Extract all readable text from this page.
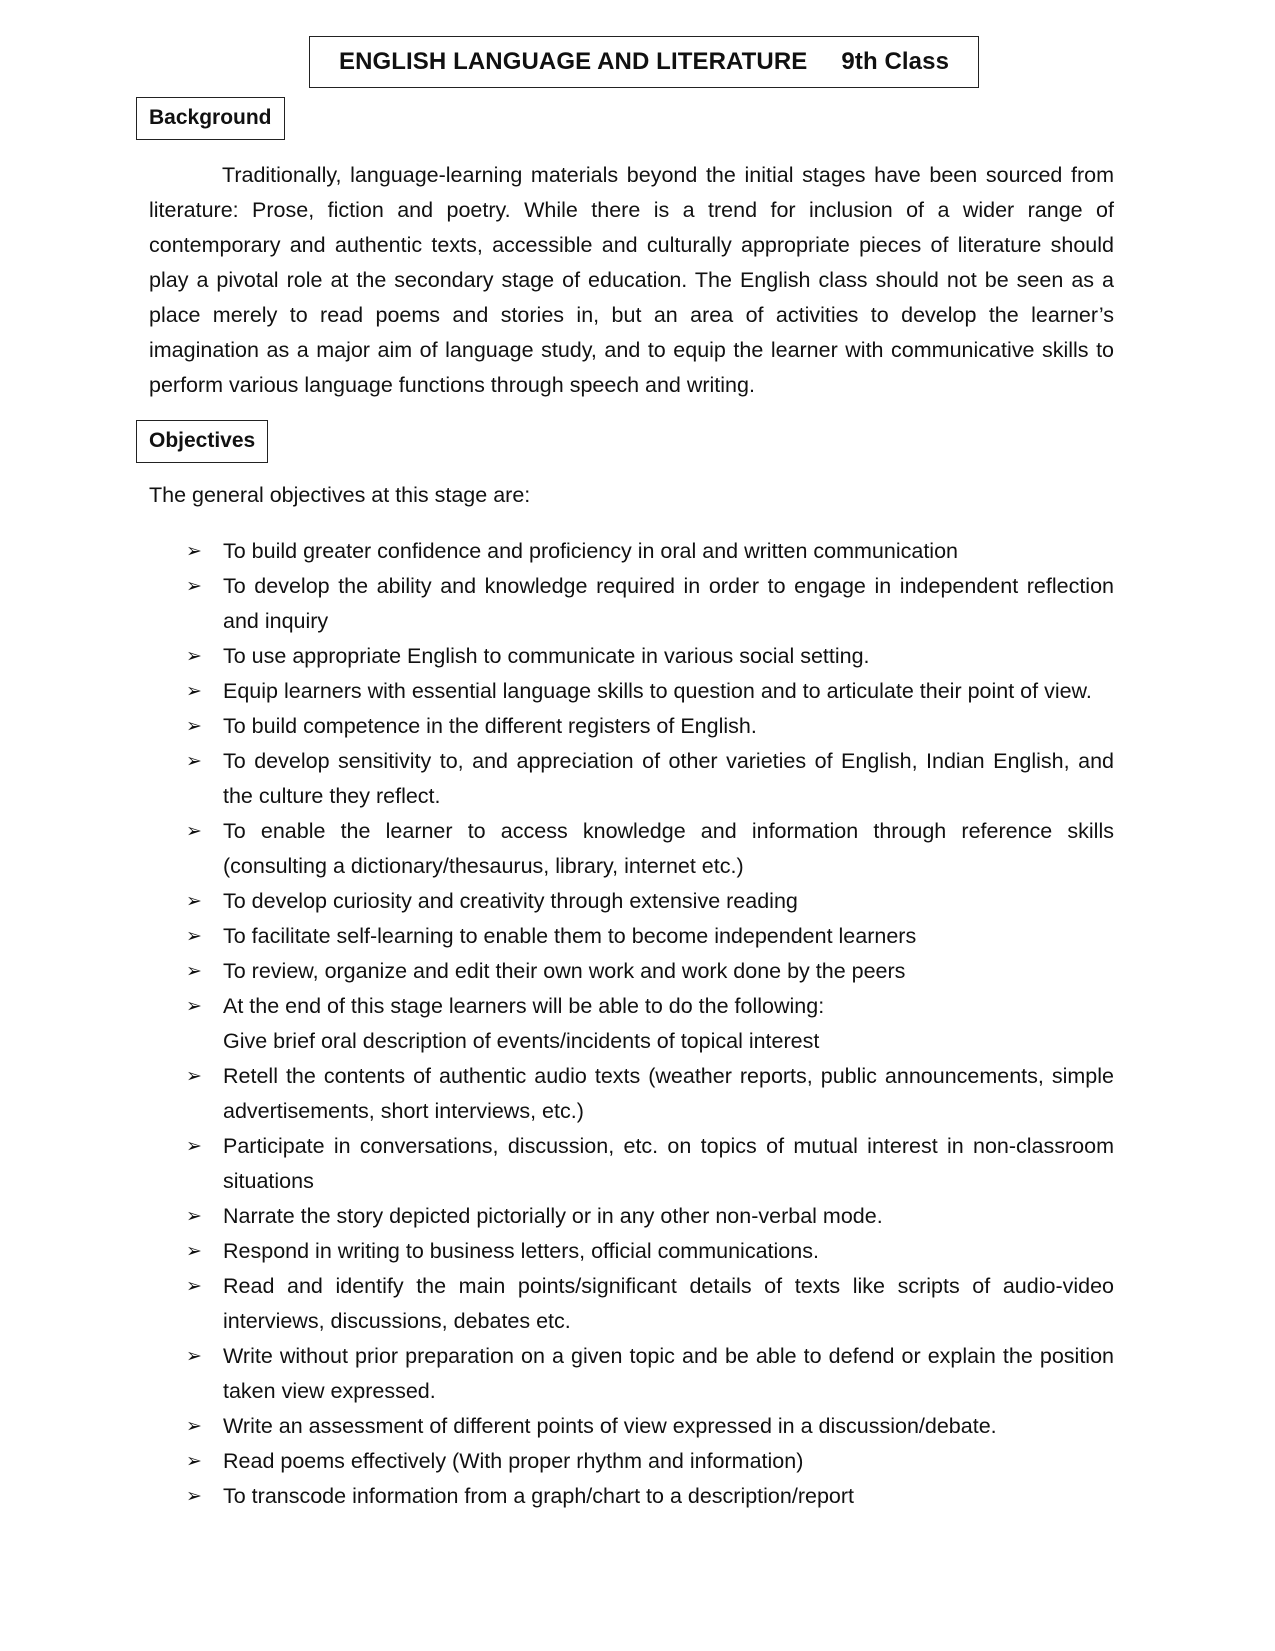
ENGLISH LANGUAGE AND LITERATURE 9th Class
Background

Traditionally, language-learning materials beyond the initial stages have been sourced from literature: Prose, fiction and poetry. While there is a trend for inclusion of a wider range of contemporary and authentic texts, accessible and culturally appropriate pieces of literature should play a pivotal role at the secondary stage of education. The English class should not be seen as a place merely to read poems and stories in, but an area of activities to develop the learner’s imagination as a major aim of language study, and to equip the learner with communicative skills to perform various language functions through speech and writing.

Objectives

The general objectives at this stage are:

➢ To build greater confidence and proficiency in oral and written communication
➢ To develop the ability and knowledge required in order to engage in independent reflection and inquiry
➢ To use appropriate English to communicate in various social setting.
➢ Equip learners with essential language skills to question and to articulate their point of view.
➢ To build competence in the different registers of English.
➢ To develop sensitivity to, and appreciation of other varieties of English, Indian English, and the culture they reflect.
➢ To enable the learner to access knowledge and information through reference skills (consulting a dictionary/thesaurus, library, internet etc.)
➢ To develop curiosity and creativity through extensive reading
➢ To facilitate self-learning to enable them to become independent learners
➢ To review, organize and edit their own work and work done by the peers
➢ At the end of this stage learners will be able to do the following:
Give brief oral description of events/incidents of topical interest
➢ Retell the contents of authentic audio texts (weather reports, public announcements, simple advertisements, short interviews, etc.)
➢ Participate in conversations, discussion, etc. on topics of mutual interest in non-classroom situations
➢ Narrate the story depicted pictorially or in any other non-verbal mode.
➢ Respond in writing to business letters, official communications.
➢ Read and identify the main points/significant details of texts like scripts of audio-video interviews, discussions, debates etc.
➢ Write without prior preparation on a given topic and be able to defend or explain the position taken view expressed.
➢ Write an assessment of different points of view expressed in a discussion/debate.
➢ Read poems effectively (With proper rhythm and information)
➢ To transcode information from a graph/chart to a description/report
